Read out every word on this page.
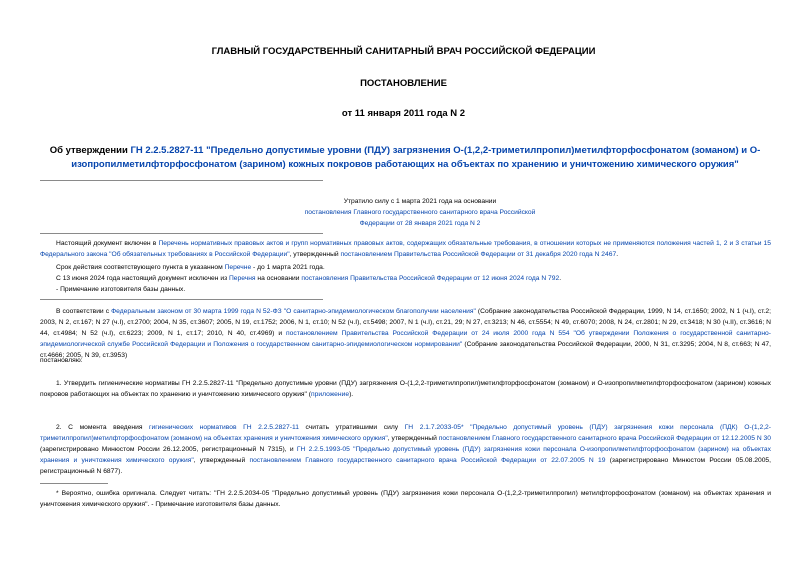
ГЛАВНЫЙ ГОСУДАРСТВЕННЫЙ САНИТАРНЫЙ ВРАЧ РОССИЙСКОЙ ФЕДЕРАЦИИ
ПОСТАНОВЛЕНИЕ
от 11 января 2011 года N 2
Об утверждении ГН 2.2.5.2827-11 "Предельно допустимые уровни (ПДУ) загрязнения О-(1,2,2-триметилпропил)метилфторфосфонатом (зоманом) и О-изопропилметилфторфосфонатом (зарином) кожных покровов работающих на объектах по хранению и уничтожению химического оружия"
Утратило силу с 1 марта 2021 года на основании
постановления Главного государственного санитарного врача Российской Федерации от 28 января 2021 года N 2
Настоящий документ включен в Перечень нормативных правовых актов и групп нормативных правовых актов, содержащих обязательные требования, в отношении которых не применяются положения частей 1, 2 и 3 статьи 15 Федерального закона "Об обязательных требованиях в Российской Федерации", утвержденный постановлением Правительства Российской Федерации от 31 декабря 2020 года N 2467.
Срок действия соответствующего пункта в указанном Перечне - до 1 марта 2021 года.
С 13 июня 2024 года настоящий документ исключен из Перечня на основании постановления Правительства Российской Федерации от 12 июня 2024 года N 792.
- Примечание изготовителя базы данных.
В соответствии с Федеральным законом от 30 марта 1999 года N 52-ФЗ "О санитарно-эпидемиологическом благополучии населения" (Собрание законодательства Российской Федерации, 1999, N 14, ст.1650; 2002, N 1 (ч.I), ст.2; 2003, N 2, ст.167; N 27 (ч.I), ст.2700; 2004, N 35, ст.3607; 2005, N 19, ст.1752; 2006, N 1, ст.10; N 52 (ч.I), ст.5498; 2007, N 1 (ч.I), ст.21, 29; N 27, ст.3213; N 46, ст.5554; N 49, ст.6070; 2008, N 24, ст.2801; N 29, ст.3418; N 30 (ч.II), ст.3616; N 44, ст.4984; N 52 (ч.I), ст.6223; 2009, N 1, ст.17; 2010, N 40, ст.4969) и постановлением Правительства Российской Федерации от 24 июля 2000 года N 554 "Об утверждении Положения о государственной санитарно-эпидемиологической службе Российской Федерации и Положения о государственном санитарно-эпидемиологическом нормировании" (Собрание законодательства Российской Федерации, 2000, N 31, ст.3295; 2004, N 8, ст.663; N 47, ст.4666; 2005, N 39, ст.3953)
постановляю:
1. Утвердить гигиенические нормативы ГН 2.2.5.2827-11 "Предельно допустимые уровни (ПДУ) загрязнения О-(1,2,2-триметилпропил)метилфторфосфонатом (зоманом) и О-изопропилметилфторфосфонатом (зарином) кожных покровов работающих на объектах по хранению и уничтожению химического оружия" (приложение).
2. С момента введения гигиенических нормативов ГН 2.2.5.2827-11 считать утратившими силу ГН 2.1.7.2033-05* "Предельно допустимый уровень (ПДУ) загрязнения кожи персонала (ПДК) О-(1,2,2-триметилпропил)метилфторфосфонатом (зоманом) на объектах хранения и уничтожения химического оружия", утвержденный постановлением Главного государственного санитарного врача Российской Федерации от 12.12.2005 N 30 (зарегистрировано Минюстом России 26.12.2005, регистрационный N 7315), и ГН 2.2.5.1993-05 "Предельно допустимый уровень (ПДУ) загрязнения кожи персонала О-изопропилметилфторфосфонатом (зарином) на объектах хранения и уничтожения химического оружия", утвержденный постановлением Главного государственного санитарного врача Российской Федерации от 22.07.2005 N 19 (зарегистрировано Минюстом России 05.08.2005, регистрационный N 6877).
* Вероятно, ошибка оригинала. Следует читать: "ГН 2.2.5.2034-05 "Предельно допустимый уровень (ПДУ) загрязнения кожи персонала О-(1,2,2-триметилпропил) метилфторфосфонатом (зоманом) на объектах хранения и уничтожения химического оружия". - Примечание изготовителя базы данных.
